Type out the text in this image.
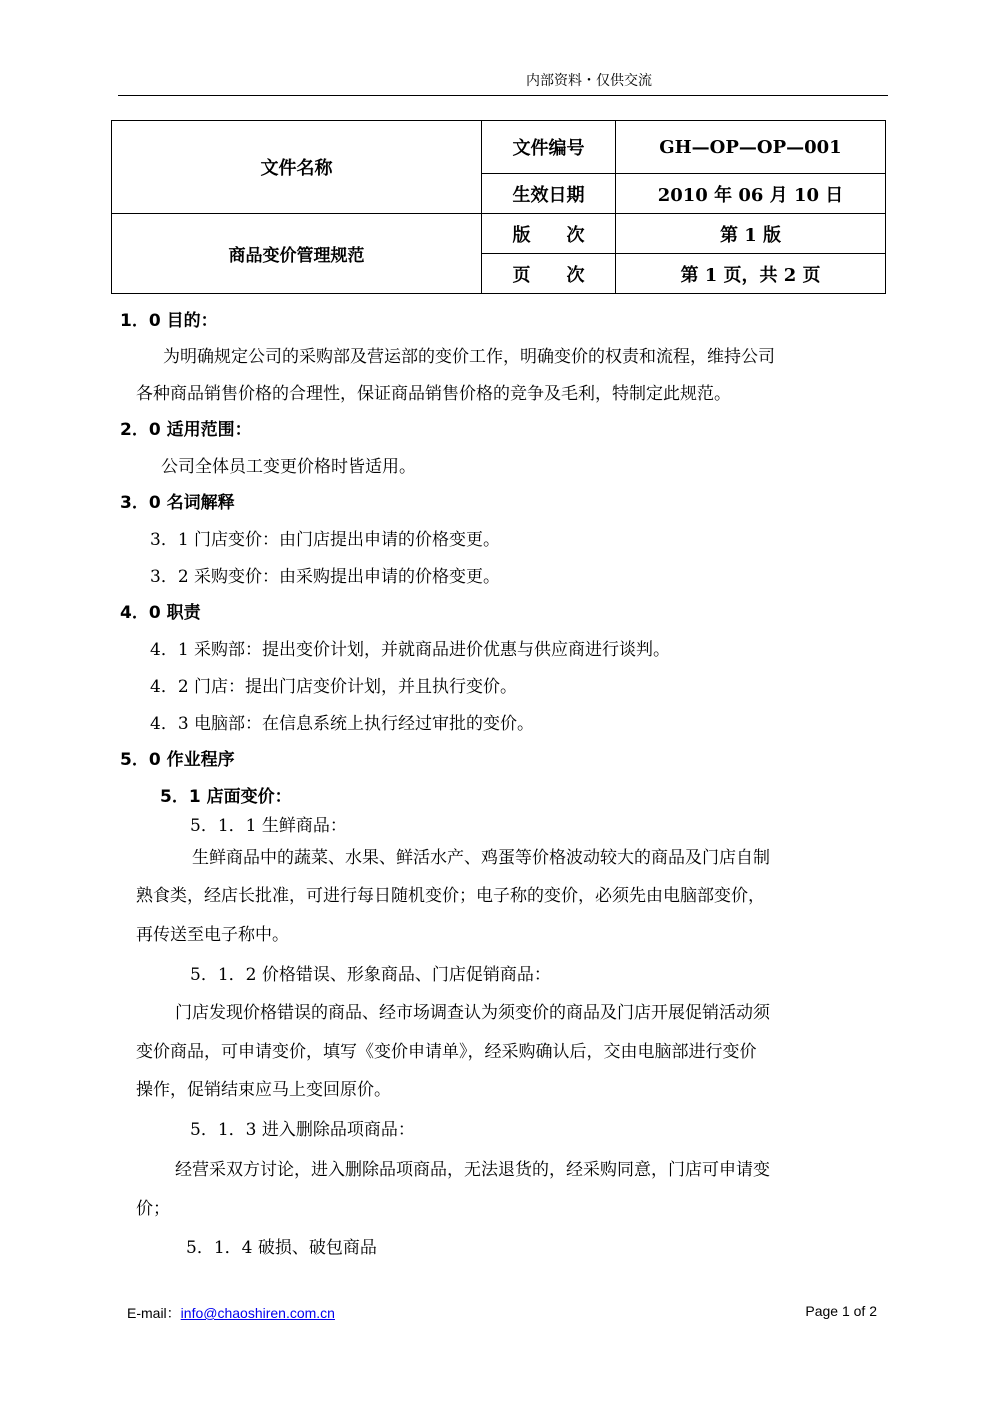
内部资料・仅供交流
文件名称	文件编号	GH—OP—OP—001
	生效日期	2010 年 06 月 10 日
商品变价管理规范	版　　次	第 1 版
	页　　次	第 1 页，共 2 页
1．0 目的：
为明确规定公司的采购部及营运部的变价工作，明确变价的权责和流程，维持公司
各种商品销售价格的合理性，保证商品销售价格的竞争及毛利，特制定此规范。
2．0 适用范围：
公司全体员工变更价格时皆适用。
3．0 名词解释
3．1 门店变价：由门店提出申请的价格变更。
3．2 采购变价：由采购提出申请的价格变更。
4．0 职责
4．1 采购部：提出变价计划，并就商品进价优惠与供应商进行谈判。
4．2 门店：提出门店变价计划，并且执行变价。
4．3 电脑部：在信息系统上执行经过审批的变价。
5．0 作业程序
5．1 店面变价：
5．1．1 生鲜商品：
生鲜商品中的蔬菜、水果、鲜活水产、鸡蛋等价格波动较大的商品及门店自制
熟食类，经店长批准，可进行每日随机变价；电子称的变价，必须先由电脑部变价，
再传送至电子称中。
5．1．2 价格错误、形象商品、门店促销商品：
门店发现价格错误的商品、经市场调查认为须变价的商品及门店开展促销活动须
变价商品，可申请变价，填写《变价申请单》，经采购确认后，交由电脑部进行变价
操作，促销结束应马上变回原价。
5．1．3 进入删除品项商品：
经营采双方讨论，进入删除品项商品，无法退货的，经采购同意，门店可申请变
价；
5．1．4 破损、破包商品
E-mail：info@chaoshiren.com.cn	Page 1 of 2
